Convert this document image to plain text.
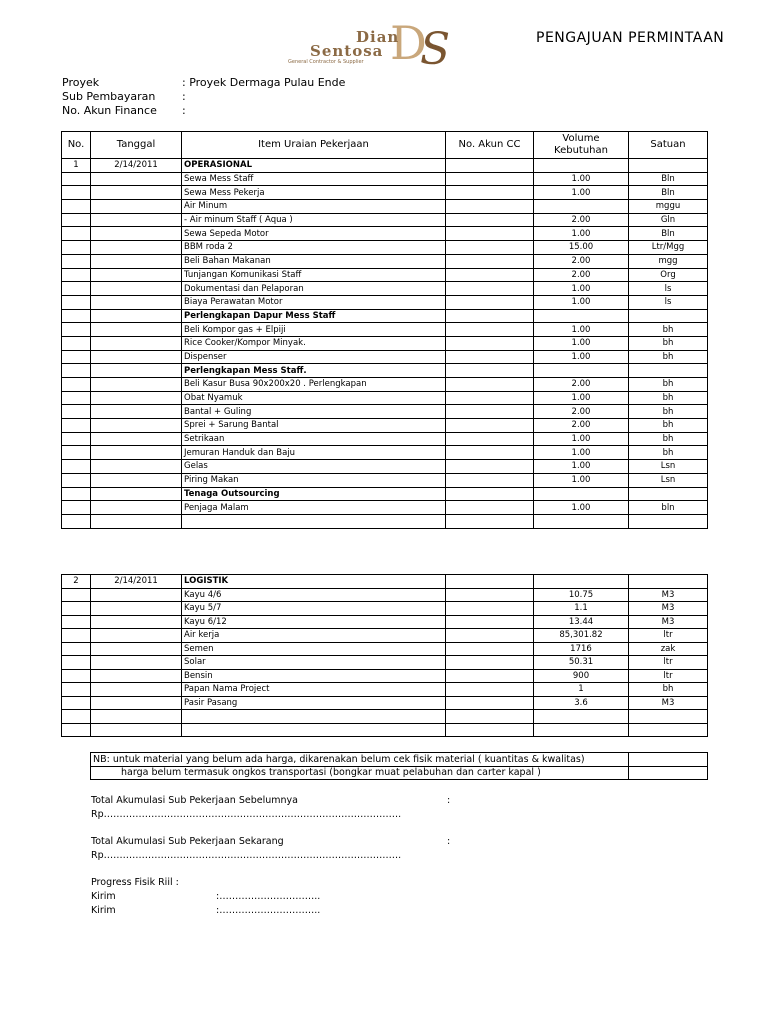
D
S
Dian
Sentosa
General Contractor & Supplier
PENGAJUAN PERMINTAAN
Proyek	: Proyek Dermaga Pulau Ende
Sub Pembayaran :
No. Akun Finance :
No.	Tanggal	Item Uraian Pekerjaan	No. Akun CC	Volume Kebutuhan	Satuan
1	2/14/2011	OPERASIONAL			
		Sewa Mess Staff		1.00	Bln
		Sewa Mess Pekerja		1.00	Bln
		Air Minum			mggu
		- Air minum Staff ( Aqua )		2.00	Gln
		Sewa Sepeda Motor		1.00	Bln
		BBM roda 2		15.00	Ltr/Mgg
		Beli Bahan Makanan		2.00	mgg
		Tunjangan Komunikasi Staff		2.00	Org
		Dokumentasi dan Pelaporan		1.00	ls
		Biaya Perawatan Motor		1.00	ls
		Perlengkapan Dapur Mess Staff			
		Beli Kompor gas + Elpiji		1.00	bh
		Rice Cooker/Kompor Minyak.		1.00	bh
		Dispenser		1.00	bh
		Perlengkapan Mess Staff.			
		Beli Kasur Busa 90x200x20 . Perlengkapan		2.00	bh
		Obat Nyamuk		1.00	bh
		Bantal + Guling		2.00	bh
		Sprei + Sarung Bantal		2.00	bh
		Setrikaan		1.00	bh
		Jemuran Handuk dan Baju		1.00	bh
		Gelas		1.00	Lsn
		Piring Makan		1.00	Lsn
		Tenaga Outsourcing			
		Penjaga Malam		1.00	bln

2	2/14/2011	LOGISTIK			
		Kayu 4/6		10.75	M3
		Kayu 5/7		1.1	M3
		Kayu 6/12		13.44	M3
		Air kerja		85,301.82	ltr
		Semen		1716	zak
		Solar		50.31	ltr
		Bensin		900	ltr
		Papan Nama Project		1	bh
		Pasir Pasang		3.6	M3

NB: untuk material yang belum ada harga, dikarenakan belum cek fisik material ( kuantitas & kwalitas)	
harga belum termasuk ongkos transportasi (bongkar muat pelabuhan dan carter kapal )	
Total Akumulasi Sub Pekerjaan Sebelumnya	:
Rp………………………………………………………………………………….
Total Akumulasi Sub Pekerjaan Sekarang	:
Rp………………………………………………………………………………….
Progress Fisik Riil :
Kirim	:…………………………..
Kirim	:…………………………..
